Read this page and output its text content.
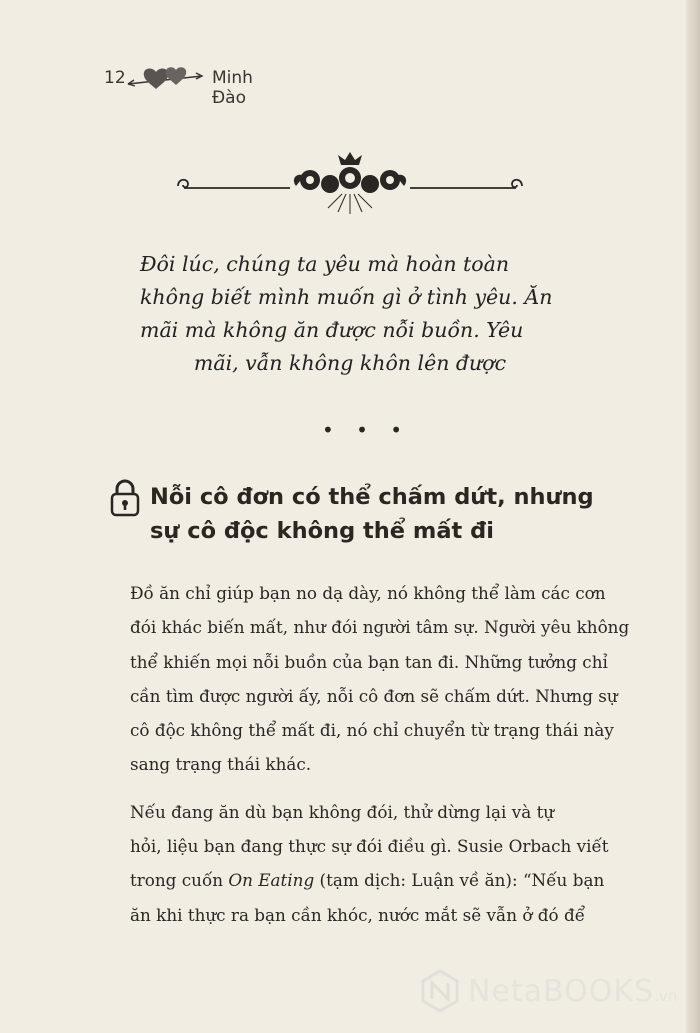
12	Minh Đào
Đôi lúc, chúng ta yêu mà hoàn toàn
không biết mình muốn gì ở tình yêu. Ăn
mãi mà không ăn được nỗi buồn. Yêu
mãi, vẫn không khôn lên được
• • •
Nỗi cô đơn có thể chấm dứt, nhưng
sự cô độc không thể mất đi
Đồ ăn chỉ giúp bạn no dạ dày, nó không thể làm các cơn
đói khác biến mất, như đói người tâm sự. Người yêu không
thể khiến mọi nỗi buồn của bạn tan đi. Những tưởng chỉ
cần tìm được người ấy, nỗi cô đơn sẽ chấm dứt. Nhưng sự
cô độc không thể mất đi, nó chỉ chuyển từ trạng thái này
sang trạng thái khác.
Nếu đang ăn dù bạn không đói, thử dừng lại và tự
hỏi, liệu bạn đang thực sự đói điều gì. Susie Orbach viết
trong cuốn On Eating (tạm dịch: Luận về ăn): “Nếu bạn
ăn khi thực ra bạn cần khóc, nước mắt sẽ vẫn ở đó để
NetaBOOKS .vn
